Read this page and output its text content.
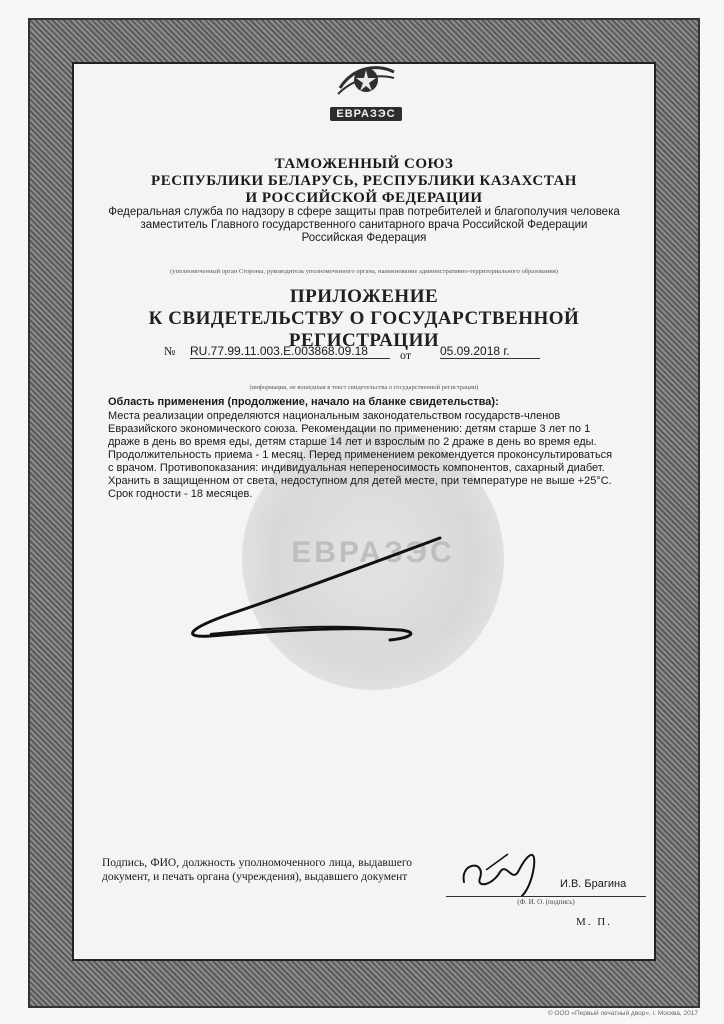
ЕВРАЗЭС
ЕВРАЗЭС
ТАМОЖЕННЫЙ СОЮЗ
РЕСПУБЛИКИ БЕЛАРУСЬ, РЕСПУБЛИКИ КАЗАХСТАН
И РОССИЙСКОЙ ФЕДЕРАЦИИ
Федеральная служба по надзору в сфере защиты прав потребителей и благополучия человека
заместитель Главного государственного санитарного врача Российской Федерации
Российская Федерация
(уполномоченный орган Стороны, руководитель уполномоченного органа, наименование административно-территориального образования)
ПРИЛОЖЕНИЕ
К СВИДЕТЕЛЬСТВУ О ГОСУДАРСТВЕННОЙ РЕГИСТРАЦИИ
№ RU.77.99.11.003.E.003868.09.18	от 05.09.2018 г.
(информация, не вошедшая в текст свидетельства о государственной регистрации)
Область применения (продолжение, начало на бланке свидетельства):
Места реализации определяются национальным законодательством государств-членов
Евразийского экономического союза. Рекомендации по применению: детям старше 3 лет по 1
драже в день во время еды, детям старше 14 лет и взрослым по 2 драже в день во время еды.
Продолжительность приема - 1 месяц. Перед применением рекомендуется проконсультироваться
с врачом. Противопоказания: индивидуальная непереносимость компонентов, сахарный диабет.
Хранить в защищенном от света, недоступном для детей месте, при температуре не выше +25°С.
Срок годности - 18 месяцев.
Подпись, ФИО, должность уполномоченного лица, выдавшего документ, и печать органа (учреждения), выдавшего документ
И.В. Брагина
(Ф. И. О. (подпись)
М. П.
© ООО «Первый печатный двор», г. Москва, 2017
